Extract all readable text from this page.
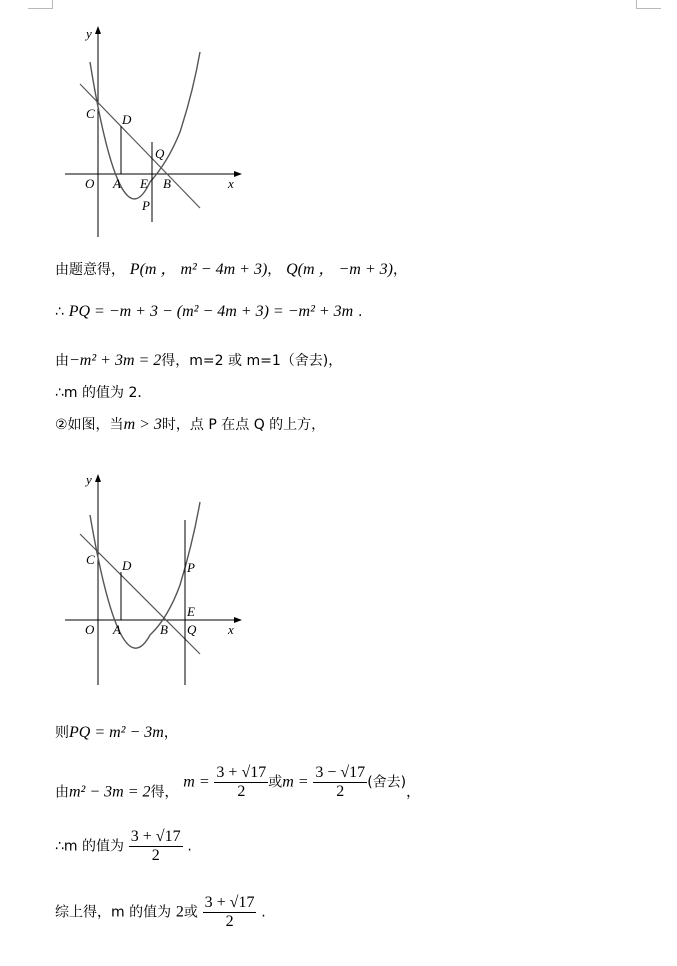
y
x
O A E B
C D
Q
P
由题意得， P(m ， m² − 4m + 3)， Q(m ， −m + 3)，
∴ PQ = −m + 3 − (m² − 4m + 3) = −m² + 3m .
由−m² + 3m = 2得，m=2 或 m=1（舍去)，
∴m 的值为 2．
②如图，当m > 3时，点 P 在点 Q 的上方，
y
x
O A	B Q
C D
E
P
则PQ = m² − 3m，
由m² − 3m = 2得， $m = \frac{3 + √17}{2}$ 或$m = \frac{3 - √17}{2}$ (舍去)，
∴m 的值为 $\frac{3 + √17}{2}$ .
综上得，m 的值为 2或 $\frac{3 + √17}{2}$ .
